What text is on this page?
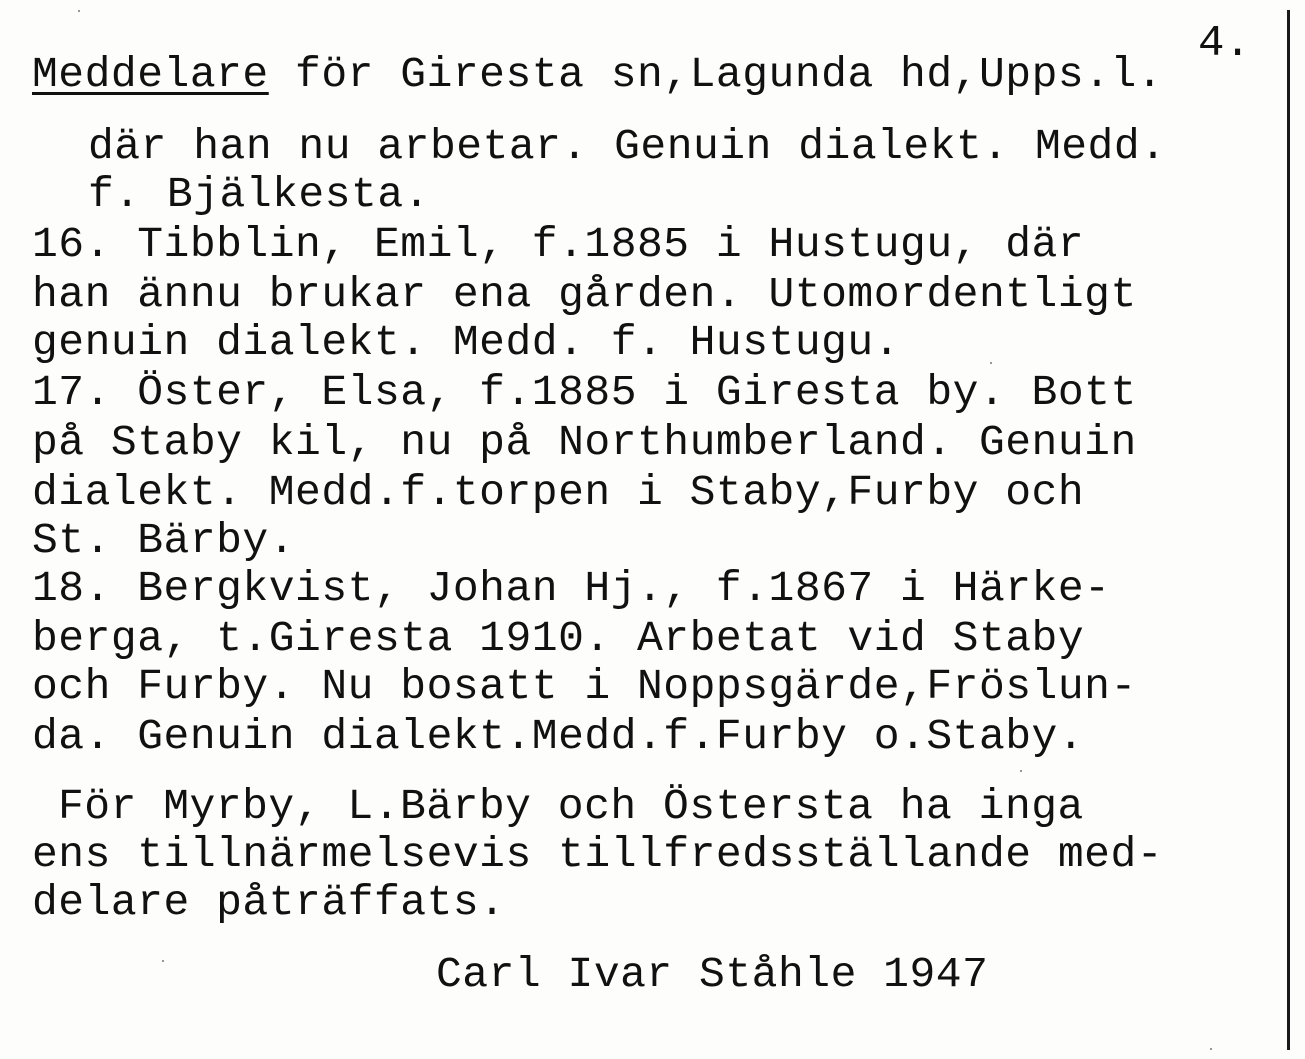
4.
Meddelare för Giresta sn,Lagunda hd,Upps.l.
där han nu arbetar. Genuin dialekt. Medd.
f. Bjälkesta.
16. Tibblin, Emil, f.1885 i Hustugu, där
han ännu brukar ena gården. Utomordentligt
genuin dialekt. Medd. f. Hustugu.
17. Öster, Elsa, f.1885 i Giresta by. Bott
på Staby kil, nu på Northumberland. Genuin
dialekt. Medd.f.torpen i Staby,Furby och
St. Bärby.
18. Bergkvist, Johan Hj., f.1867 i Härke-
berga, t.Giresta 1910. Arbetat vid Staby
och Furby. Nu bosatt i Noppsgärde,Fröslun-
da. Genuin dialekt.Medd.f.Furby o.Staby.
För Myrby, L.Bärby och Östersta ha inga
ens tillnärmelsevis tillfredsställande med-
delare påträffats.
Carl Ivar Ståhle 1947
